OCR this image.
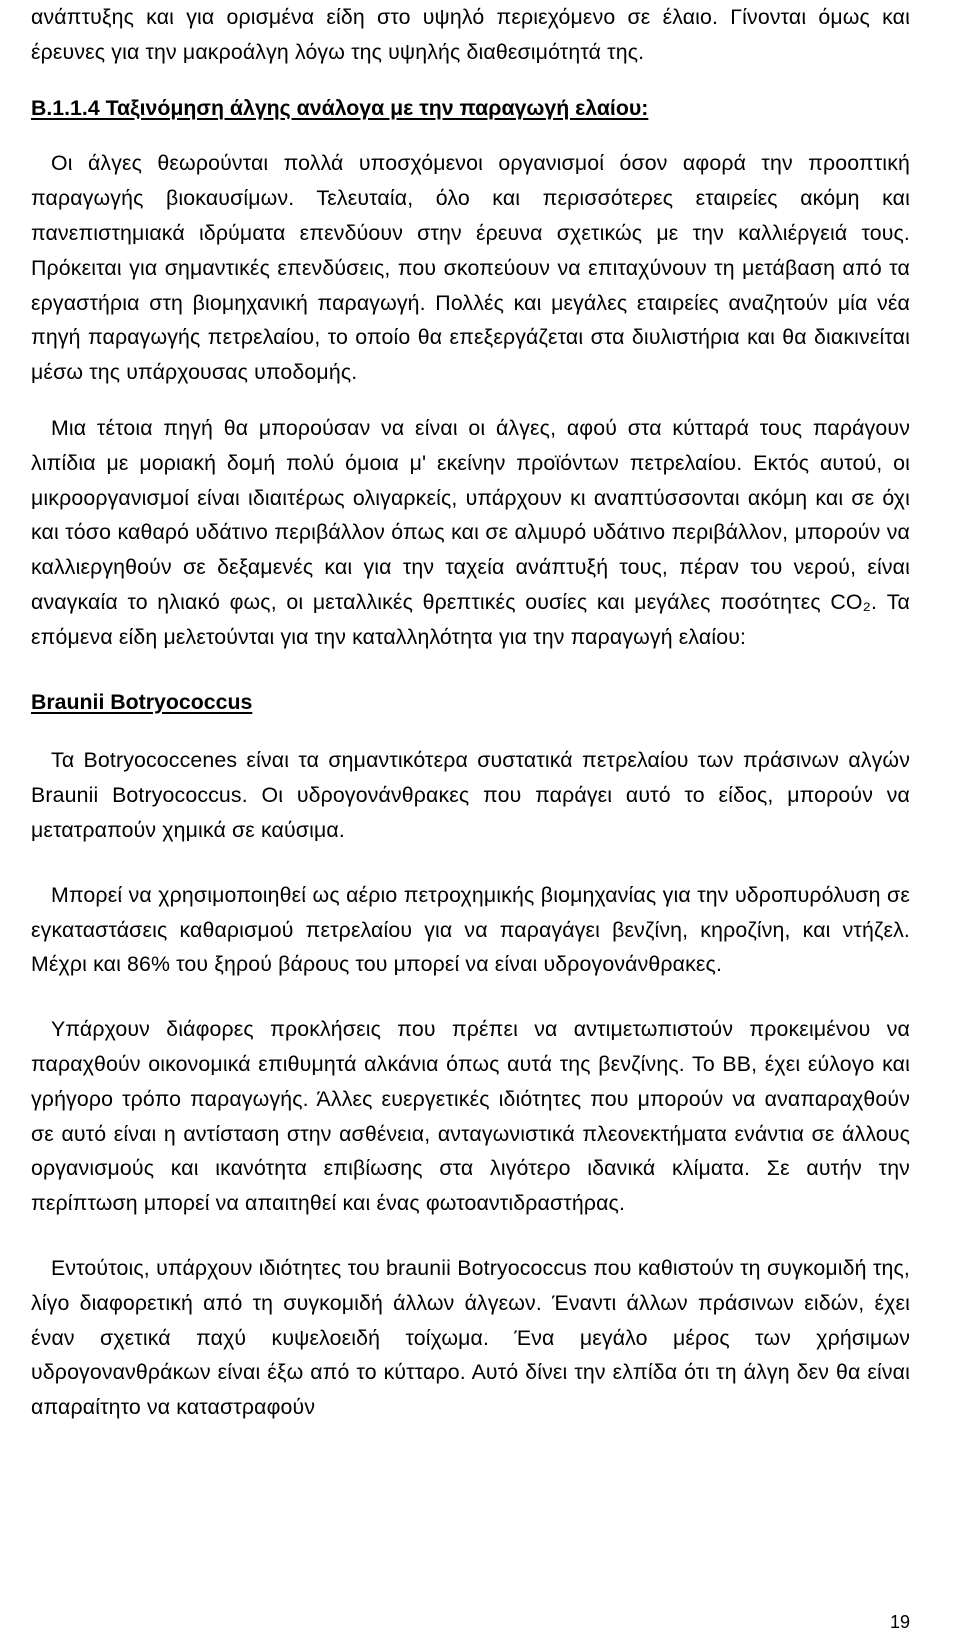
ανάπτυξης και για ορισμένα είδη στο υψηλό περιεχόμενο σε έλαιο. Γίνονται όμως και έρευνες για την μακροάλγη λόγω της υψηλής διαθεσιμότητά της.

B.1.1.4 Ταξινόμηση άλγης ανάλογα με την παραγωγή ελαίου:

Οι άλγες θεωρούνται πολλά υποσχόμενοι οργανισμοί όσον αφορά την προοπτική παραγωγής βιοκαυσίμων. Τελευταία, όλο και περισσότερες εταιρείες ακόμη και πανεπιστημιακά ιδρύματα επενδύουν στην έρευνα σχετικώς με την καλλιέργειά τους. Πρόκειται για σημαντικές επενδύσεις, που σκοπεύουν να επιταχύνουν τη μετάβαση από τα εργαστήρια στη βιομηχανική παραγωγή. Πολλές και μεγάλες εταιρείες αναζητούν μία νέα πηγή παραγωγής πετρελαίου, το οποίο θα επεξεργάζεται στα διυλιστήρια και θα διακινείται μέσω της υπάρχουσας υποδομής.

Μια τέτοια πηγή θα μπορούσαν να είναι οι άλγες, αφού στα κύτταρά τους παράγουν λιπίδια με μοριακή δομή πολύ όμοια μ' εκείνην προϊόντων πετρελαίου. Εκτός αυτού, οι μικροοργανισμοί είναι ιδιαιτέρως ολιγαρκείς, υπάρχουν κι αναπτύσσονται ακόμη και σε όχι και τόσο καθαρό υδάτινο περιβάλλον όπως και σε αλμυρό υδάτινο περιβάλλον, μπορούν να καλλιεργηθούν σε δεξαμενές και για την ταχεία ανάπτυξή τους, πέραν του νερού, είναι αναγκαία το ηλιακό φως, οι μεταλλικές θρεπτικές ουσίες και μεγάλες ποσότητες CO₂. Τα επόμενα είδη μελετούνται για την καταλληλότητα για την παραγωγή ελαίου:

Braunii Botryococcus

Τα Botryococcenes είναι τα σημαντικότερα συστατικά πετρελαίου των πράσινων αλγών Braunii Botryococcus. Οι υδρογονάνθρακες που παράγει αυτό το είδος, μπορούν να μετατραπούν χημικά σε καύσιμα.

Μπορεί να χρησιμοποιηθεί ως αέριο πετροχημικής βιομηχανίας για την υδροπυρόλυση σε εγκαταστάσεις καθαρισμού πετρελαίου για να παραγάγει βενζίνη, κηροζίνη, και ντήζελ. Μέχρι και 86% του ξηρού βάρους του μπορεί να είναι υδρογονάνθρακες.

Υπάρχουν διάφορες προκλήσεις που πρέπει να αντιμετωπιστούν προκειμένου να παραχθούν οικονομικά επιθυμητά αλκάνια όπως αυτά της βενζίνης. Το BB, έχει εύλογο και γρήγορο τρόπο παραγωγής. Άλλες ευεργετικές ιδιότητες που μπορούν να αναπαραχθούν σε αυτό είναι η αντίσταση στην ασθένεια, ανταγωνιστικά πλεονεκτήματα ενάντια σε άλλους οργανισμούς και ικανότητα επιβίωσης στα λιγότερο ιδανικά κλίματα. Σε αυτήν την περίπτωση μπορεί να απαιτηθεί και ένας φωτοαντιδραστήρας.

Εντούτοις, υπάρχουν ιδιότητες του braunii Botryococcus που καθιστούν τη συγκομιδή της, λίγο διαφορετική από τη συγκομιδή άλλων άλγεων. Έναντι άλλων πράσινων ειδών, έχει έναν σχετικά παχύ κυψελοειδή τοίχωμα. Ένα μεγάλο μέρος των χρήσιμων υδρογονανθράκων είναι έξω από το κύτταρο. Αυτό δίνει την ελπίδα ότι τη άλγη δεν θα είναι απαραίτητο να καταστραφούν

19
